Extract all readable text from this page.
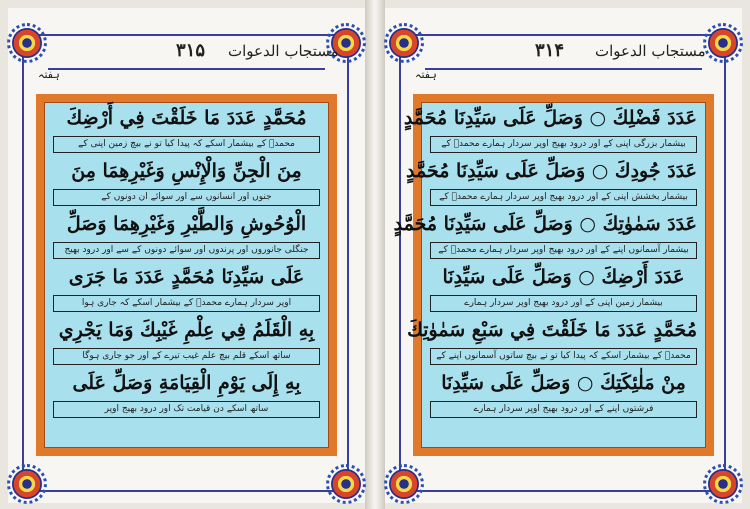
۳۱۵ مستجاب الدعوات
ہفتہ
مُحَمَّدٍ عَدَدَ مَا خَلَقْتَ فِي أَرْضِكَ
محمدؐ کے بیشمار اسکے کہ پیدا کیا تو نے بیچ زمین اپنی کے
مِنَ الْجِنِّ وَالْإِنْسِ وَغَيْرِهِمَا مِنَ
جنوں اور انسانوں سے اور سوائے ان دونوں کے
الْوُحُوشِ وَالطَّيْرِ وَغَيْرِهِمَا وَصَلِّ
جنگلی جانوروں اور پرندوں اور سوائے دونوں کے سے اور درود بھیج
عَلَى سَيِّدِنَا مُحَمَّدٍ عَدَدَ مَا جَرَى
اوپر سردار ہمارے محمدؐ کے بیشمار اسکے کہ جاری ہوا
بِهِ الْقَلَمُ فِي عِلْمِ غَيْبِكَ وَمَا يَجْرِي
ساتھ اسکے قلم بیچ علم غیب تیرے کے اور جو جاری ہوگا
بِهِ إِلَى يَوْمِ الْقِيَامَةِ وَصَلِّ عَلَى
ساتھ اسکے دن قیامت تک اور درود بھیج اوپر
۳۱۴ مستجاب الدعوات
ہفتہ
عَدَدَ فَضْلِكَ ○ وَصَلِّ عَلَى سَيِّدِنَا مُحَمَّدٍ
بیشمار بزرگی اپنی کے اور درود بھیج اوپر سردار ہمارے محمدؐ کے
عَدَدَ جُودِكَ ○ وَصَلِّ عَلَى سَيِّدِنَا مُحَمَّدٍ
بیشمار بخشش اپنی کے اور درود بھیج اوپر سردار ہمارے محمدؐ کے
عَدَدَ سَمٰوٰتِكَ ○ وَصَلِّ عَلَى سَيِّدِنَا مُحَمَّدٍ
بیشمار آسمانوں اپنے کے اور درود بھیج اوپر سردار ہمارے محمدؐ کے
عَدَدَ أَرْضِكَ ○ وَصَلِّ عَلَى سَيِّدِنَا
بیشمار زمین اپنی کے اور درود بھیج اوپر سردار ہمارے
مُحَمَّدٍ عَدَدَ مَا خَلَقْتَ فِي سَبْعِ سَمٰوٰتِكَ
محمدؐ کے بیشمار اسکے کہ پیدا کیا تو نے بیچ ساتوں آسمانوں اپنے کے
مِنْ مَلٰئِكَتِكَ ○ وَصَلِّ عَلَى سَيِّدِنَا
فرشتوں اپنے کے اور درود بھیج اوپر سردار ہمارے
